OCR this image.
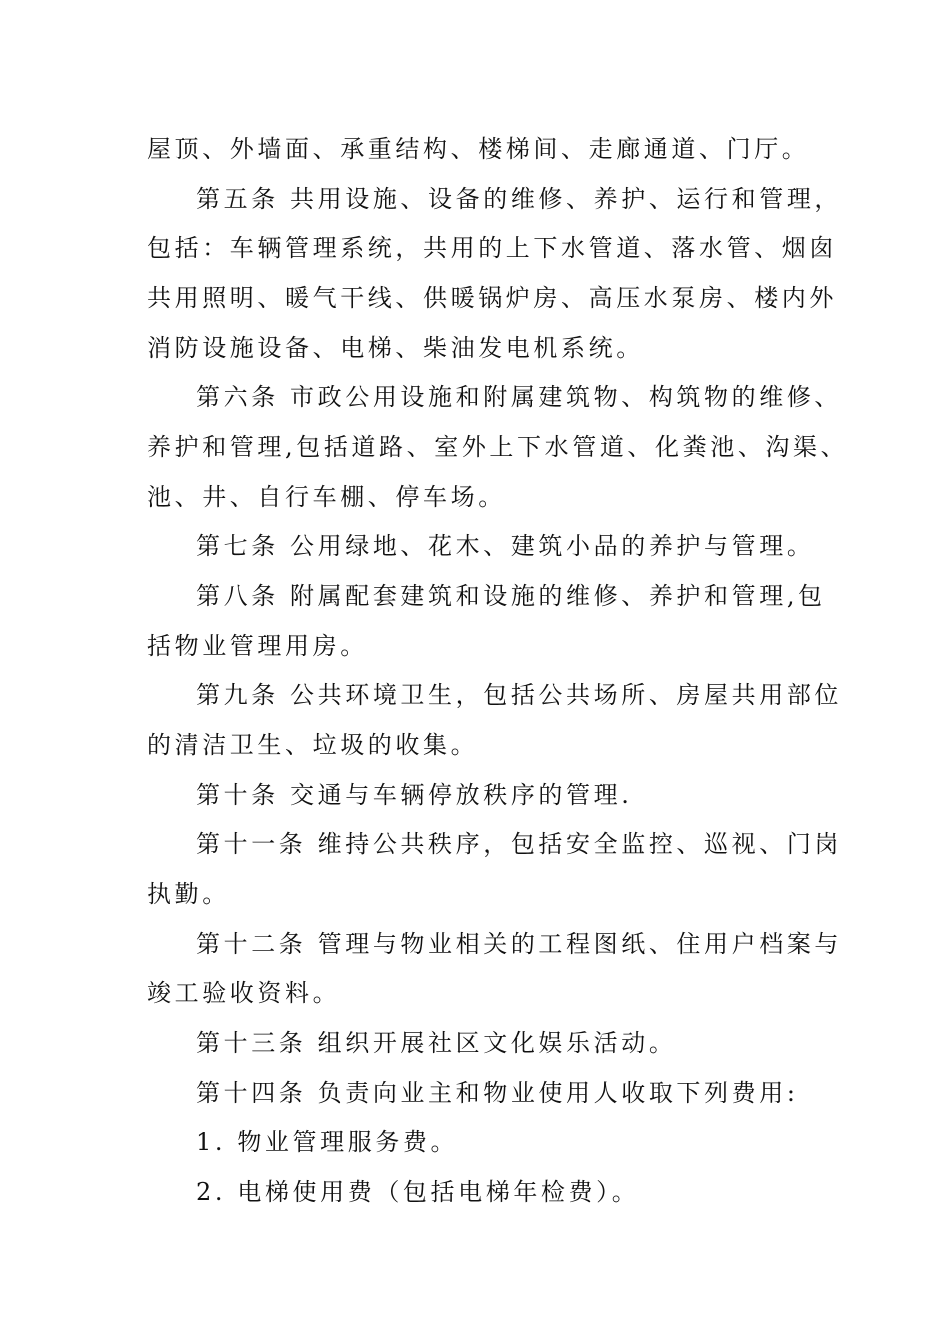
屋顶、外墙面、承重结构、楼梯间、走廊通道、门厅。

第五条 共用设施、设备的维修、养护、运行和管理，

包括：车辆管理系统，共用的上下水管道、落水管、烟囱

共用照明、暖气干线、供暖锅炉房、高压水泵房、楼内外

消防设施设备、电梯、柴油发电机系统。

第六条 市政公用设施和附属建筑物、构筑物的维修、

养护和管理,包括道路、室外上下水管道、化粪池、沟渠、

池、井、自行车棚、停车场。

第七条 公用绿地、花木、建筑小品的养护与管理。

第八条 附属配套建筑和设施的维修、养护和管理,包

括物业管理用房。

第九条 公共环境卫生，包括公共场所、房屋共用部位

的清洁卫生、垃圾的收集。

第十条 交通与车辆停放秩序的管理.

第十一条 维持公共秩序，包括安全监控、巡视、门岗

执勤。

第十二条 管理与物业相关的工程图纸、住用户档案与

竣工验收资料。

第十三条 组织开展社区文化娱乐活动。

第十四条 负责向业主和物业使用人收取下列费用:

1. 物业管理服务费。

2. 电梯使用费（包括电梯年检费）。
